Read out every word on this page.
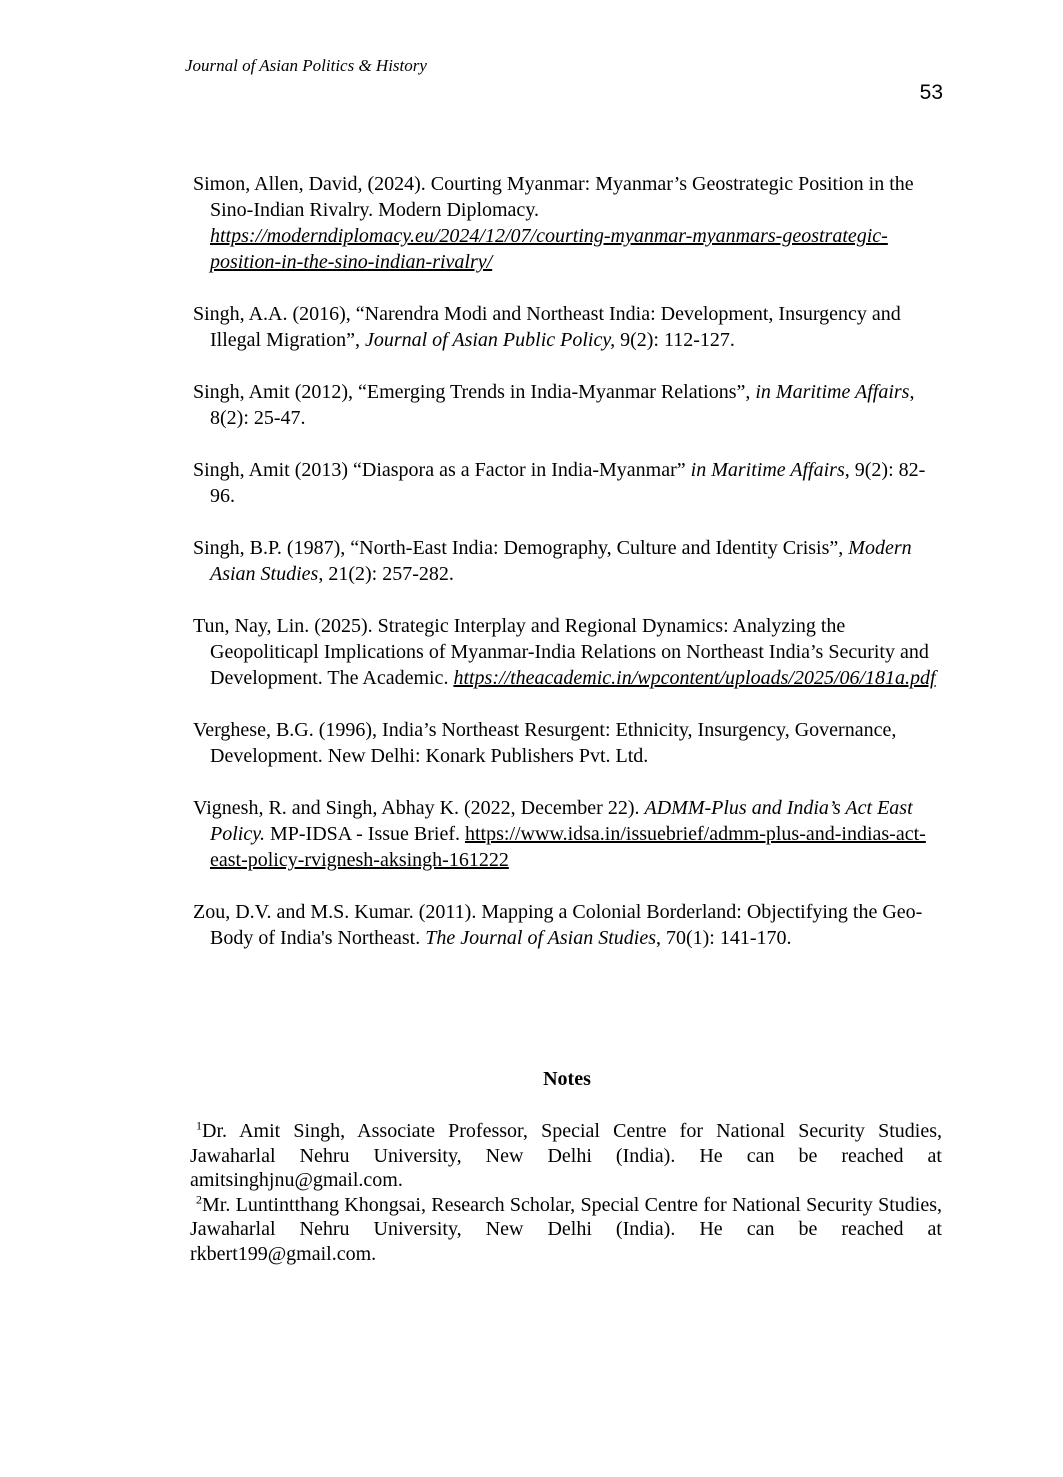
Journal of Asian Politics & History
53

Simon, Allen, David, (2024). Courting Myanmar: Myanmar’s Geostrategic Position in the Sino-Indian Rivalry. Modern Diplomacy. https://moderndiplomacy.eu/2024/12/07/courting-myanmar-myanmars-geostrategic-position-in-the-sino-indian-rivalry/

Singh, A.A. (2016), “Narendra Modi and Northeast India: Development, Insurgency and Illegal Migration”, Journal of Asian Public Policy, 9(2): 112-127.

Singh, Amit (2012), “Emerging Trends in India-Myanmar Relations”, in Maritime Affairs, 8(2): 25-47.

Singh, Amit (2013) “Diaspora as a Factor in India-Myanmar” in Maritime Affairs, 9(2): 82-96.

Singh, B.P. (1987), “North-East India: Demography, Culture and Identity Crisis”, Modern Asian Studies, 21(2): 257-282.

Tun, Nay, Lin. (2025). Strategic Interplay and Regional Dynamics: Analyzing the Geopoliticapl Implications of Myanmar-India Relations on Northeast India’s Security and Development. The Academic. https://theacademic.in/wpcontent/uploads/2025/06/181a.pdf

Verghese, B.G. (1996), India’s Northeast Resurgent: Ethnicity, Insurgency, Governance, Development. New Delhi: Konark Publishers Pvt. Ltd.

Vignesh, R. and Singh, Abhay K. (2022, December 22). ADMM-Plus and India’s Act East Policy. MP-IDSA - Issue Brief. https://www.idsa.in/issuebrief/admm-plus-and-indias-act-east-policy-rvignesh-aksingh-161222

Zou, D.V. and M.S. Kumar. (2011). Mapping a Colonial Borderland: Objectifying the Geo-Body of India's Northeast. The Journal of Asian Studies, 70(1): 141-170.

Notes

$^1$Dr. Amit Singh, Associate Professor, Special Centre for National Security Studies, Jawaharlal Nehru University, New Delhi (India). He can be reached at amitsinghjnu@gmail.com.

$^2$Mr. Luntintthang Khongsai, Research Scholar, Special Centre for National Security Studies, Jawaharlal Nehru University, New Delhi (India). He can be reached at rkbert199@gmail.com.
